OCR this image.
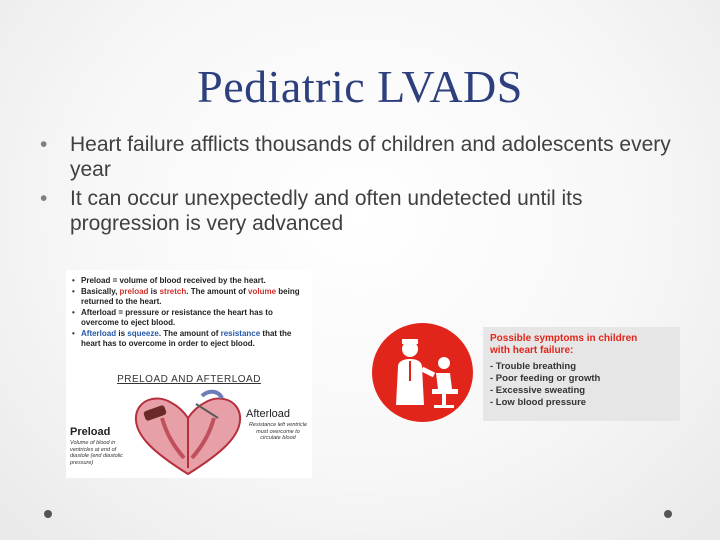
Pediatric LVADS
• Heart failure afflicts thousands of children and adolescents every year
• It can occur unexpectedly and often undetected until its progression is very advanced
• Preload = volume of blood received by the heart.
• Basically, preload is stretch. The amount of volume being returned to the heart.
• Afterload = pressure or resistance the heart has to overcome to eject blood.
• Afterload is squeeze. The amount of resistance that the heart has to overcome in order to eject blood.
PRELOAD AND AFTERLOAD
Preload
Volume of blood in ventricles at end of diastole (end diastolic pressure)
Afterload
Resistance left ventricle must overcome to circulate blood
Possible symptoms in children
with heart failure:
- Trouble breathing
- Poor feeding or growth
- Excessive sweating
- Low blood pressure
